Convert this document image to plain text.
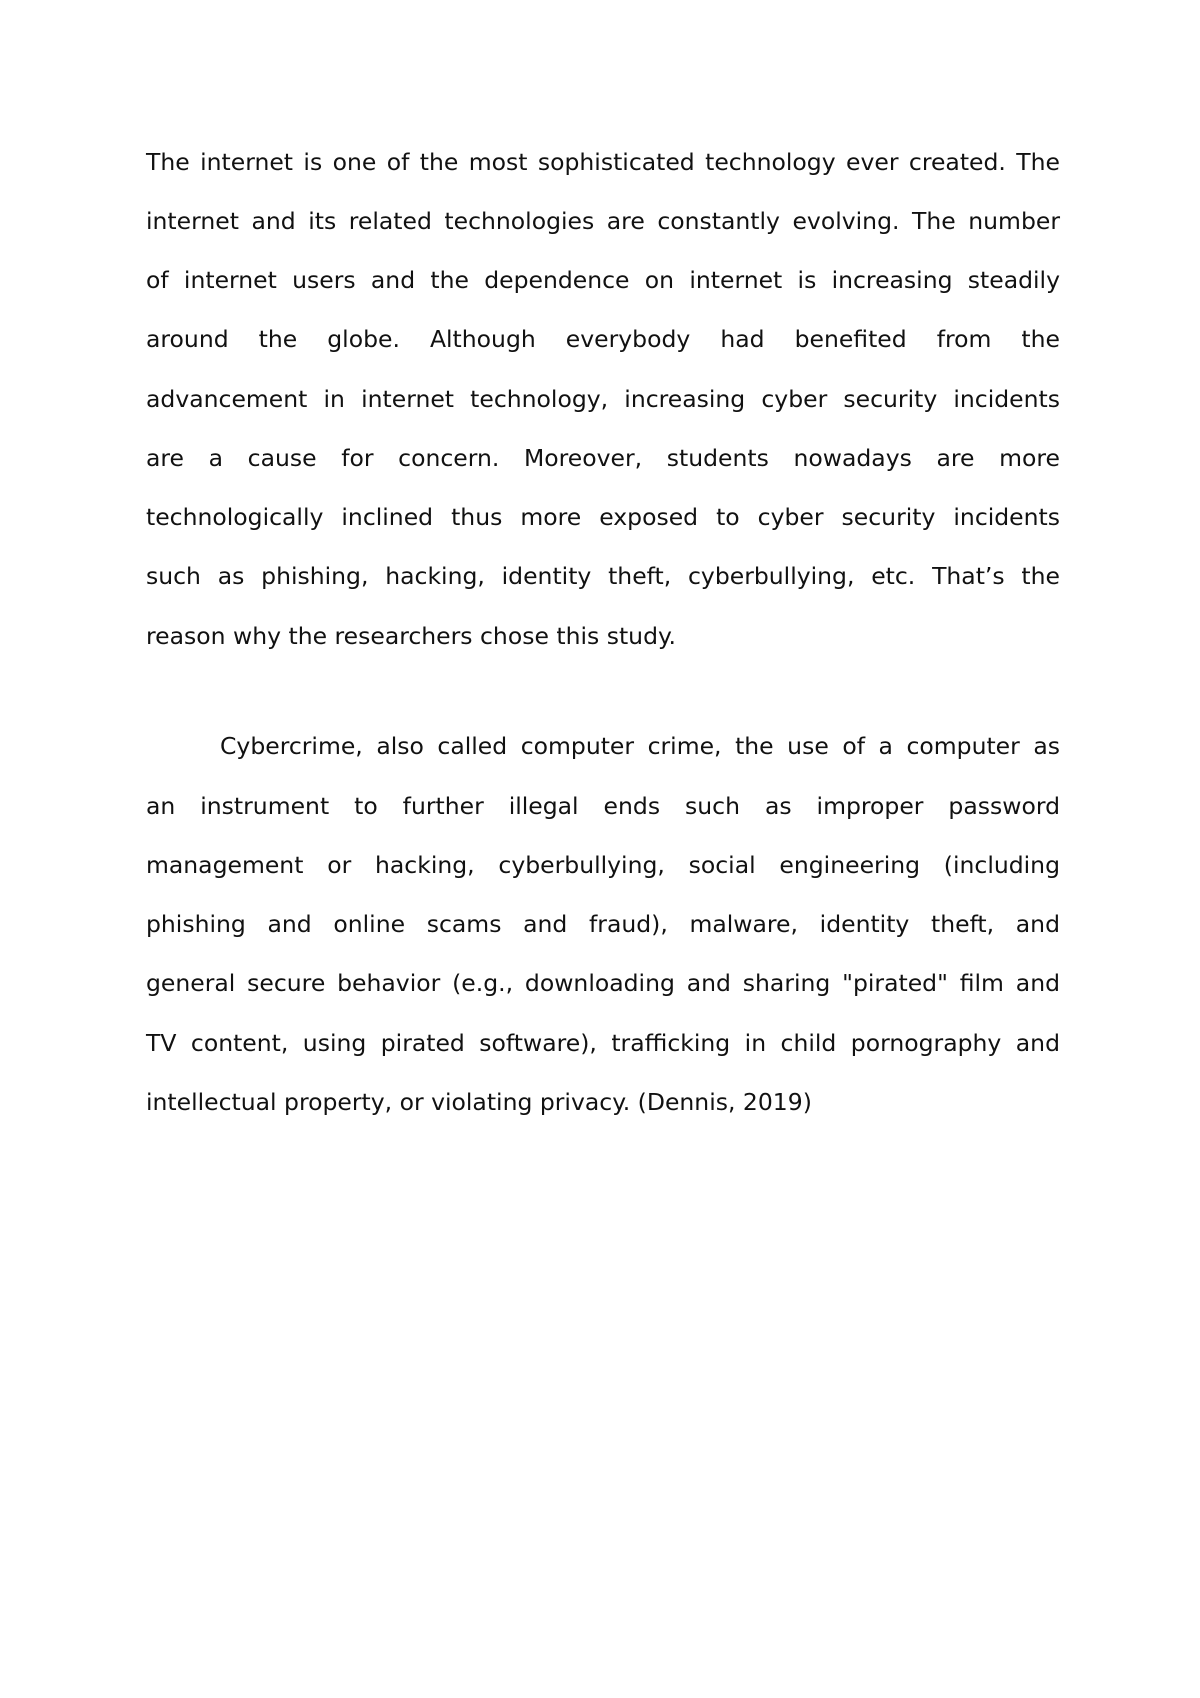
The internet is one of the most sophisticated technology ever created. The
internet and its related technologies are constantly evolving. The number
of internet users and the dependence on internet is increasing steadily
around the globe. Although everybody had benefited from the
advancement in internet technology, increasing cyber security incidents
are a cause for concern. Moreover, students nowadays are more
technologically inclined thus more exposed to cyber security incidents
such as phishing, hacking, identity theft, cyberbullying, etc. That’s the
reason why the researchers chose this study.
Cybercrime, also called computer crime, the use of a computer as
an instrument to further illegal ends such as improper password
management or hacking, cyberbullying, social engineering (including
phishing and online scams and fraud), malware, identity theft, and
general secure behavior (e.g., downloading and sharing "pirated" film and
TV content, using pirated software), trafficking in child pornography and
intellectual property, or violating privacy. (Dennis, 2019)
